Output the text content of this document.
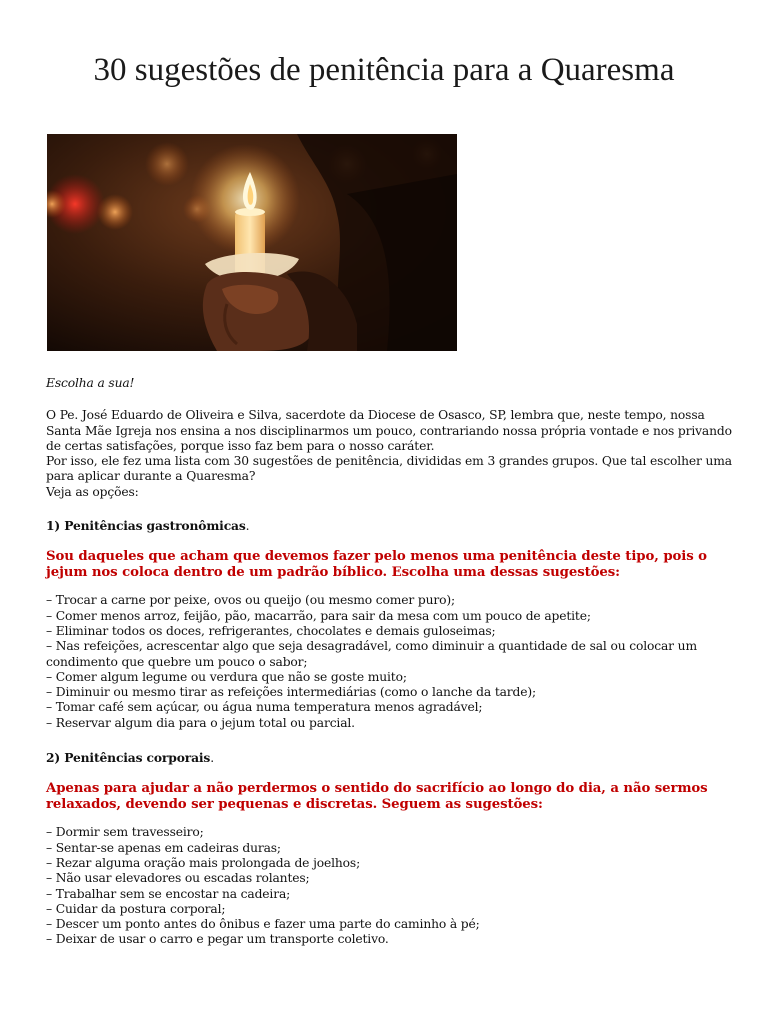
30 sugestões de penitência para a Quaresma

Escolha a sua!

O Pe. José Eduardo de Oliveira e Silva, sacerdote da Diocese de Osasco, SP, lembra que, neste tempo, nossa Santa Mãe Igreja nos ensina a nos disciplinarmos um pouco, contrariando nossa própria vontade e nos privando de certas satisfações, porque isso faz bem para o nosso caráter.

Por isso, ele fez uma lista com 30 sugestões de penitência, divididas em 3 grandes grupos. Que tal escolher uma para aplicar durante a Quaresma?

Veja as opções:

1) Penitências gastronômicas.

Sou daqueles que acham que devemos fazer pelo menos uma penitência deste tipo, pois o jejum nos coloca dentro de um padrão bíblico. Escolha uma dessas sugestões:

– Trocar a carne por peixe, ovos ou queijo (ou mesmo comer puro);
– Comer menos arroz, feijão, pão, macarrão, para sair da mesa com um pouco de apetite;
– Eliminar todos os doces, refrigerantes, chocolates e demais guloseimas;
– Nas refeições, acrescentar algo que seja desagradável, como diminuir a quantidade de sal ou colocar um condimento que quebre um pouco o sabor;
– Comer algum legume ou verdura que não se goste muito;
– Diminuir ou mesmo tirar as refeições intermediárias (como o lanche da tarde);
– Tomar café sem açúcar, ou água numa temperatura menos agradável;
– Reservar algum dia para o jejum total ou parcial.

2) Penitências corporais.

Apenas para ajudar a não perdermos o sentido do sacrifício ao longo do dia, a não sermos relaxados, devendo ser pequenas e discretas. Seguem as sugestões:

– Dormir sem travesseiro;
– Sentar-se apenas em cadeiras duras;
– Rezar alguma oração mais prolongada de joelhos;
– Não usar elevadores ou escadas rolantes;
– Trabalhar sem se encostar na cadeira;
– Cuidar da postura corporal;
– Descer um ponto antes do ônibus e fazer uma parte do caminho à pé;
– Deixar de usar o carro e pegar um transporte coletivo.
